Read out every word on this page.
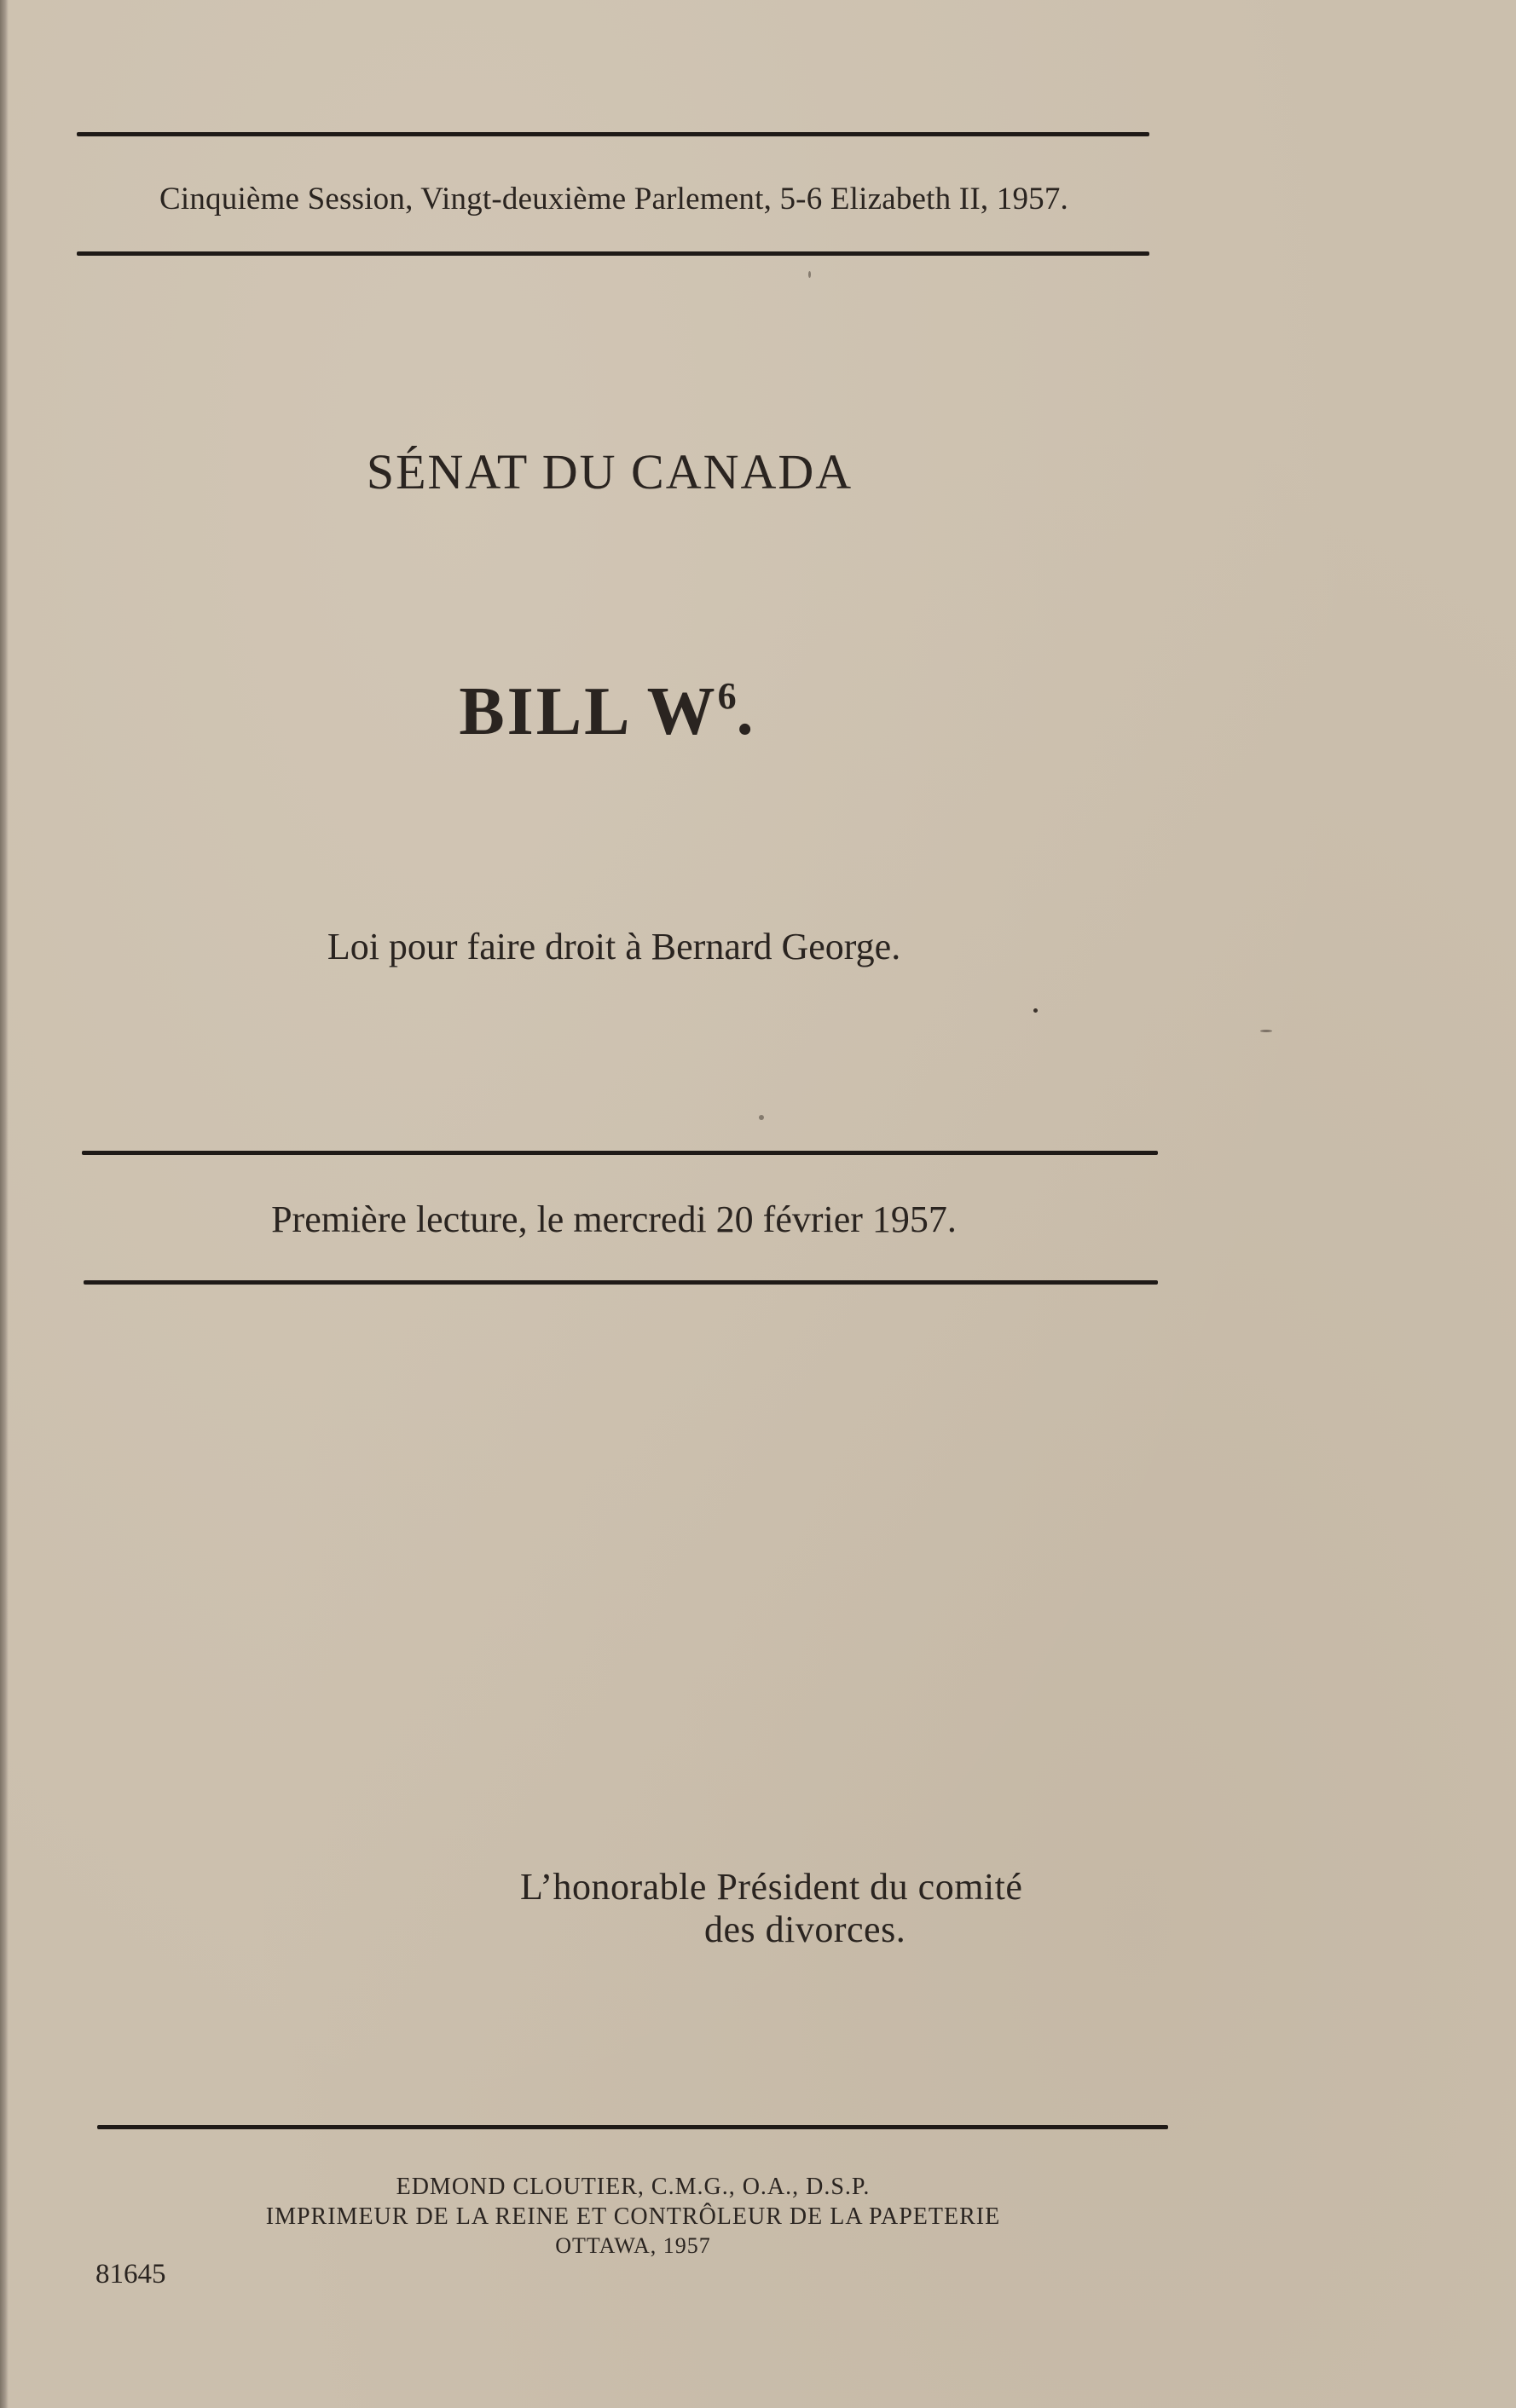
Cinquième Session, Vingt-deuxième Parlement, 5-6 Elizabeth II, 1957.
SÉNAT DU CANADA
BILL $W^6$.
Loi pour faire droit à Bernard George.
Première lecture, le mercredi 20 février 1957.
L’honorable Président du comité
des divorces.
EDMOND CLOUTIER, C.M.G., O.A., D.S.P.
IMPRIMEUR DE LA REINE ET CONTRÔLEUR DE LA PAPETERIE
OTTAWA, 1957
81645
